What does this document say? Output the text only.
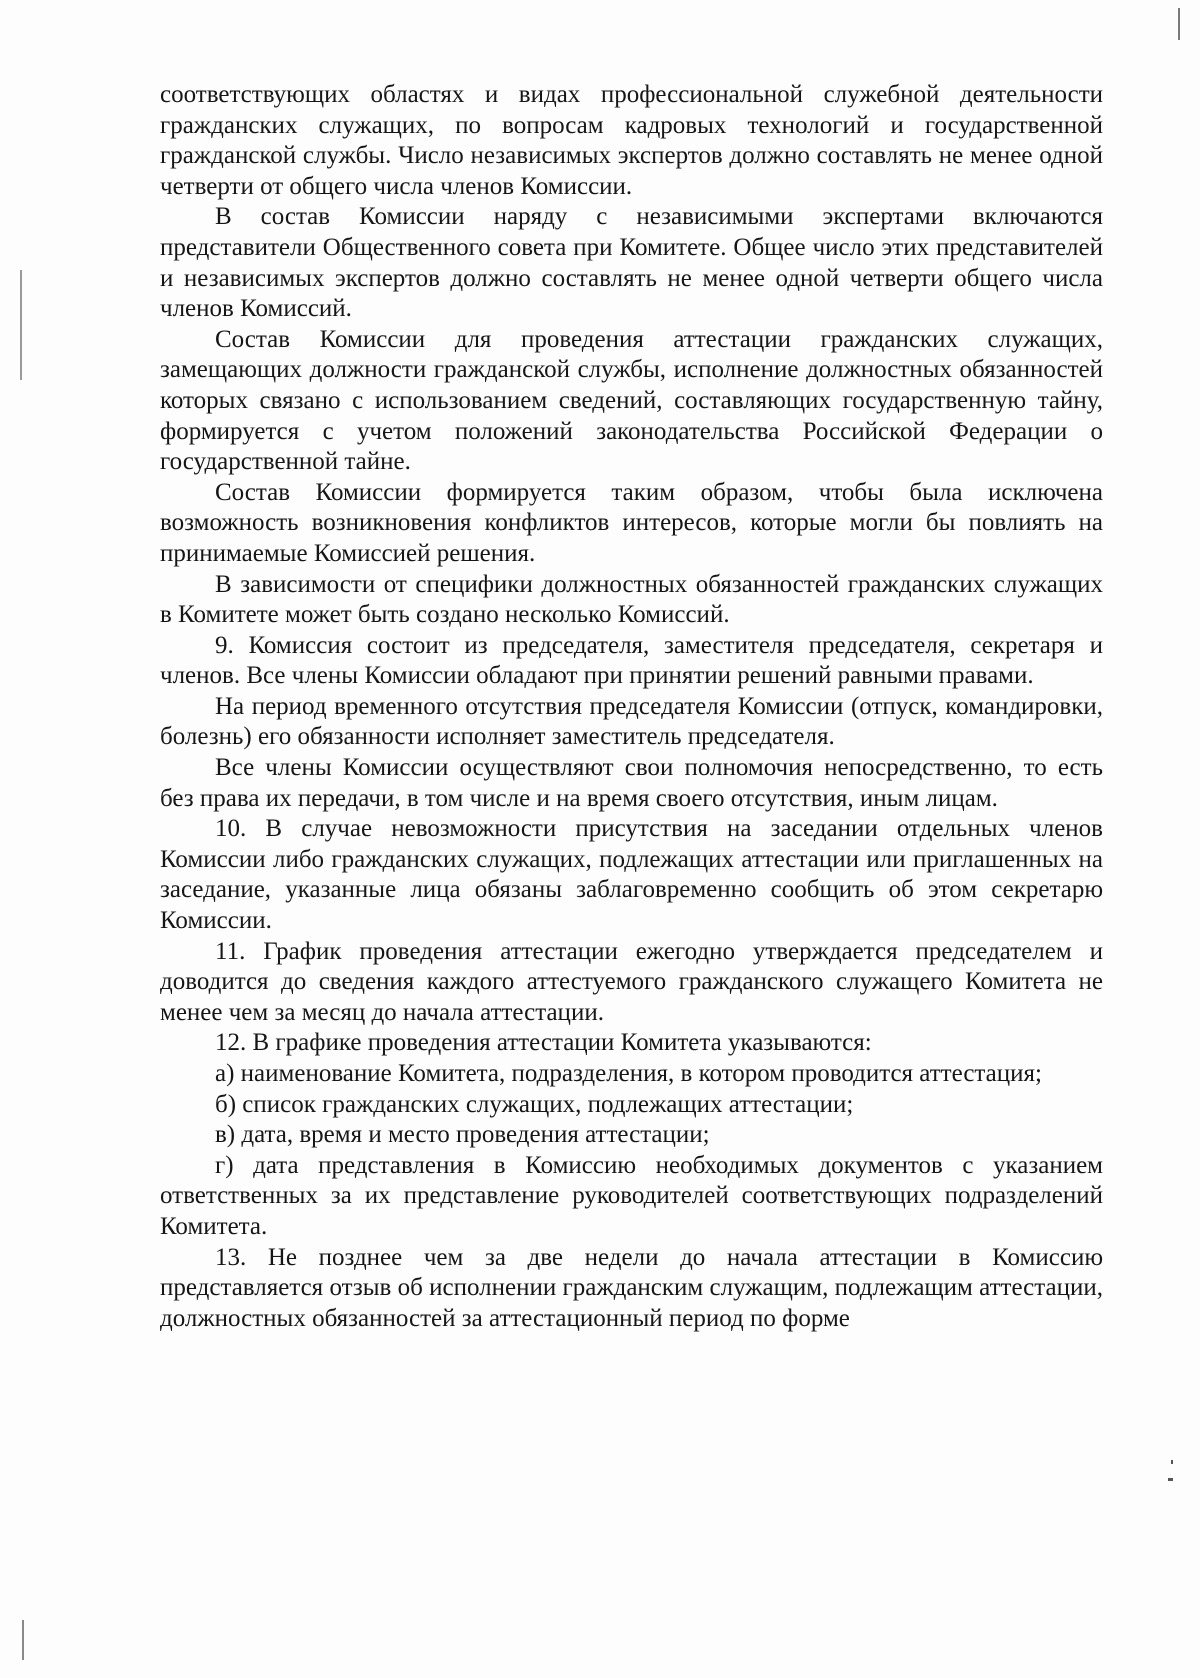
соответствующих областях и видах профессиональной служебной деятельности гражданских служащих, по вопросам кадровых технологий и государственной гражданской службы. Число независимых экспертов должно составлять не менее одной четверти от общего числа членов Комиссии.

В состав Комиссии наряду с независимыми экспертами включаются представители Общественного совета при Комитете. Общее число этих представителей и независимых экспертов должно составлять не менее одной четверти общего числа членов Комиссий.

Состав Комиссии для проведения аттестации гражданских служащих, замещающих должности гражданской службы, исполнение должностных обязанностей которых связано с использованием сведений, составляющих государственную тайну, формируется с учетом положений законодательства Российской Федерации о государственной тайне.

Состав Комиссии формируется таким образом, чтобы была исключена возможность возникновения конфликтов интересов, которые могли бы повлиять на принимаемые Комиссией решения.

В зависимости от специфики должностных обязанностей гражданских служащих в Комитете может быть создано несколько Комиссий.

9. Комиссия состоит из председателя, заместителя председателя, секретаря и членов. Все члены Комиссии обладают при принятии решений равными правами.

На период временного отсутствия председателя Комиссии (отпуск, командировки, болезнь) его обязанности исполняет заместитель председателя.

Все члены Комиссии осуществляют свои полномочия непосредственно, то есть без права их передачи, в том числе и на время своего отсутствия, иным лицам.

10. В случае невозможности присутствия на заседании отдельных членов Комиссии либо гражданских служащих, подлежащих аттестации или приглашенных на заседание, указанные лица обязаны заблаговременно сообщить об этом секретарю Комиссии.

11. График проведения аттестации ежегодно утверждается председателем и доводится до сведения каждого аттестуемого гражданского служащего Комитета не менее чем за месяц до начала аттестации.

12. В графике проведения аттестации Комитета указываются:

а) наименование Комитета, подразделения, в котором проводится аттестация;

б) список гражданских служащих, подлежащих аттестации;

в) дата, время и место проведения аттестации;

г) дата представления в Комиссию необходимых документов с указанием ответственных за их представление руководителей соответствующих подразделений Комитета.

13. Не позднее чем за две недели до начала аттестации в Комиссию представляется отзыв об исполнении гражданским служащим, подлежащим аттестации, должностных обязанностей за аттестационный период по форме
